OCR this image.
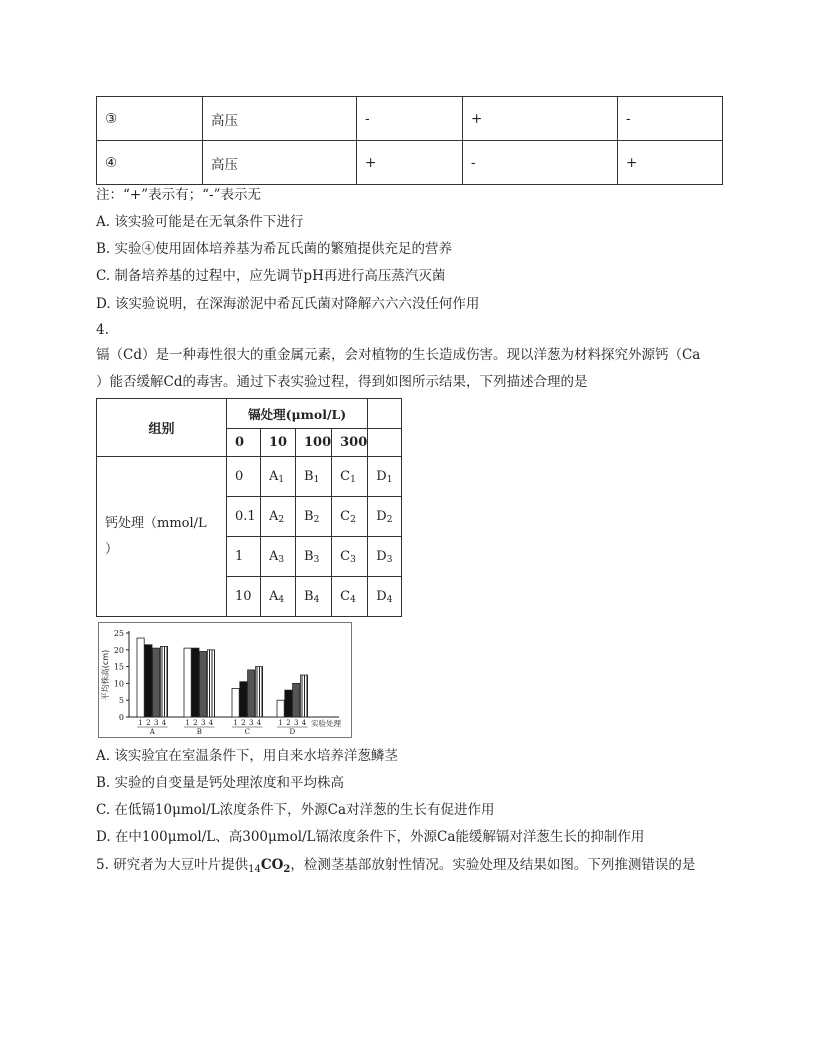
③	高压	-	+	-
④	高压	+	-	+
注：“+”表示有；“-”表示无
A. 该实验可能是在无氧条件下进行
B. 实验④使用固体培养基为希瓦氏菌的繁殖提供充足的营养
C. 制备培养基的过程中，应先调节pH再进行高压蒸汽灭菌
D. 该实验说明，在深海淤泥中希瓦氏菌对降解六六六没任何作用
4.
镉（Cd）是一种毒性很大的重金属元素，会对植物的生长造成伤害。现以洋葱为材料探究外源钙（Ca
）能否缓解Cd的毒害。通过下表实验过程，得到如图所示结果，下列描述合理的是
组别	镉处理(μmol/L)				
	0	10	100	300	
钙处理（mmol/L
）	0	$A_1$	$B_1$	$C_1$	$D_1$
	0.1	$A_2$	$B_2$	$C_2$	$D_2$
	1	$A_3$	$B_3$	$C_3$	$D_3$
	10	$A_4$	$B_4$	$C_4$	$D_4$
0
5
10
15
20
25
平均株高(cm)
1 2 3 4
A
1 2 3 4
B
1 2 3 4
C
1 2 3 4
D
实验处理
A. 该实验宜在室温条件下，用自来水培养洋葱鳞茎
B. 实验的自变量是钙处理浓度和平均株高
C. 在低镉10μmol/L浓度条件下，外源Ca对洋葱的生长有促进作用
D. 在中100μmol/L、高300μmol/L镉浓度条件下，外源Ca能缓解镉对洋葱生长的抑制作用
5. 研究者为大豆叶片提供$_{14}CO_2$，检测茎基部放射性情况。实验处理及结果如图。下列推测错误的是
